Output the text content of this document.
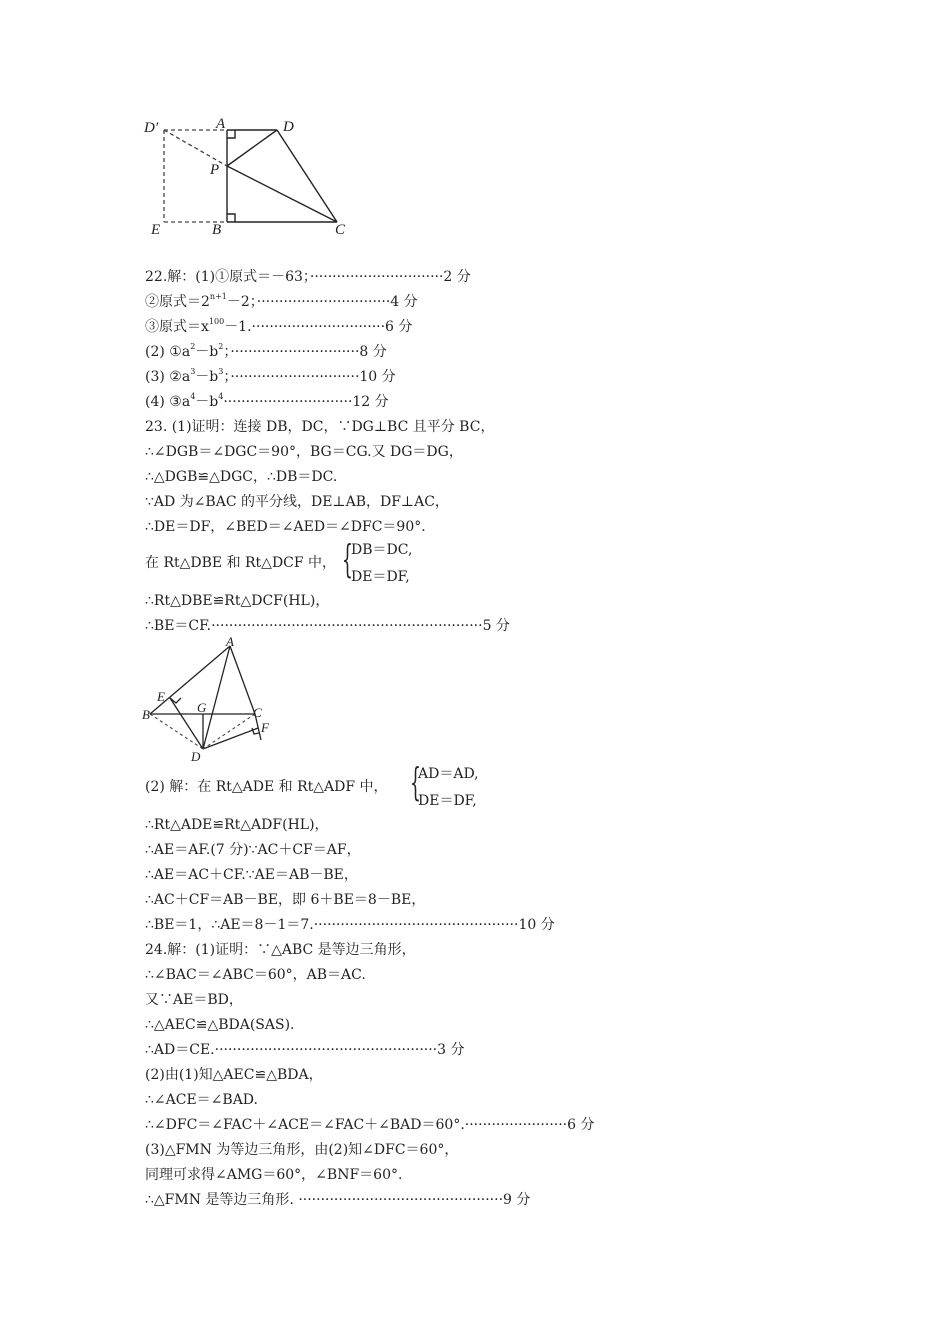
D′	A	D
P
E	B	C
22.解：(1)①原式＝－63；······························2 分
②原式$=2^{n+1}-2$；······························4 分
③原式$=x^{100}-1.\cdot\cdot\cdot\cdot\cdot\cdot\cdot\cdot\cdot\cdot\cdot\cdot\cdot\cdot\cdot\cdot\cdot\cdot\cdot\cdot\cdot\cdot\cdot\cdot\cdot\cdot\cdot\cdot\cdot\cdot 6$ 分
(2) $①a^2-b^2$；·····························8 分
(3) $②a^3-b^3$；·····························10 分
(4) $③a^4-b^4\cdot\cdot\cdot\cdot\cdot\cdot\cdot\cdot\cdot\cdot\cdot\cdot\cdot\cdot\cdot\cdot\cdot\cdot\cdot\cdot\cdot\cdot\cdot\cdot\cdot\cdot\cdot\cdot\cdot 12$ 分
23. (1)证明：连接 DB，DC，∵DG⊥BC 且平分 BC，
∴∠DGB＝∠DGC＝90°，BG＝CG.又 DG＝DG，
∴△DGB≌△DGC，∴DB＝DC.
∵AD 为∠BAC 的平分线，DE⊥AB，DF⊥AC，
∴DE＝DF，∠BED＝∠AED＝∠DFC＝90°.
在 Rt△DBE 和 Rt△DCF 中， {
DB＝DC,
DE＝DF,
∴Rt△DBE≌Rt△DCF(HL)，
∴BE＝CF.·····························································5 分
A
E
B	G	C
F
D
(2) 解：在 Rt△ADE 和 Rt△ADF 中， {
AD＝AD,
DE＝DF,
∴Rt△ADE≌Rt△ADF(HL)，
∴AE＝AF.(7 分)∵AC＋CF＝AF，
∴AE＝AC＋CF.∵AE＝AB－BE，
∴AC＋CF＝AB－BE，即 6＋BE＝8－BE，
∴BE＝1，∴AE＝8－1＝7.··············································10 分
24.解：(1)证明：∵△ABC 是等边三角形，
∴∠BAC＝∠ABC＝60°，AB＝AC.
又∵AE＝BD，
∴△AEC≌△BDA(SAS).
∴AD＝CE.··················································3 分
(2)由(1)知△AEC≌△BDA，
∴∠ACE＝∠BAD.
∴∠DFC＝∠FAC＋∠ACE＝∠FAC＋∠BAD＝60°.·······················6 分
(3)△FMN 为等边三角形，由(2)知∠DFC＝60°，
同理可求得∠AMG＝60°，∠BNF＝60°.
∴△FMN 是等边三角形. ··············································9 分
